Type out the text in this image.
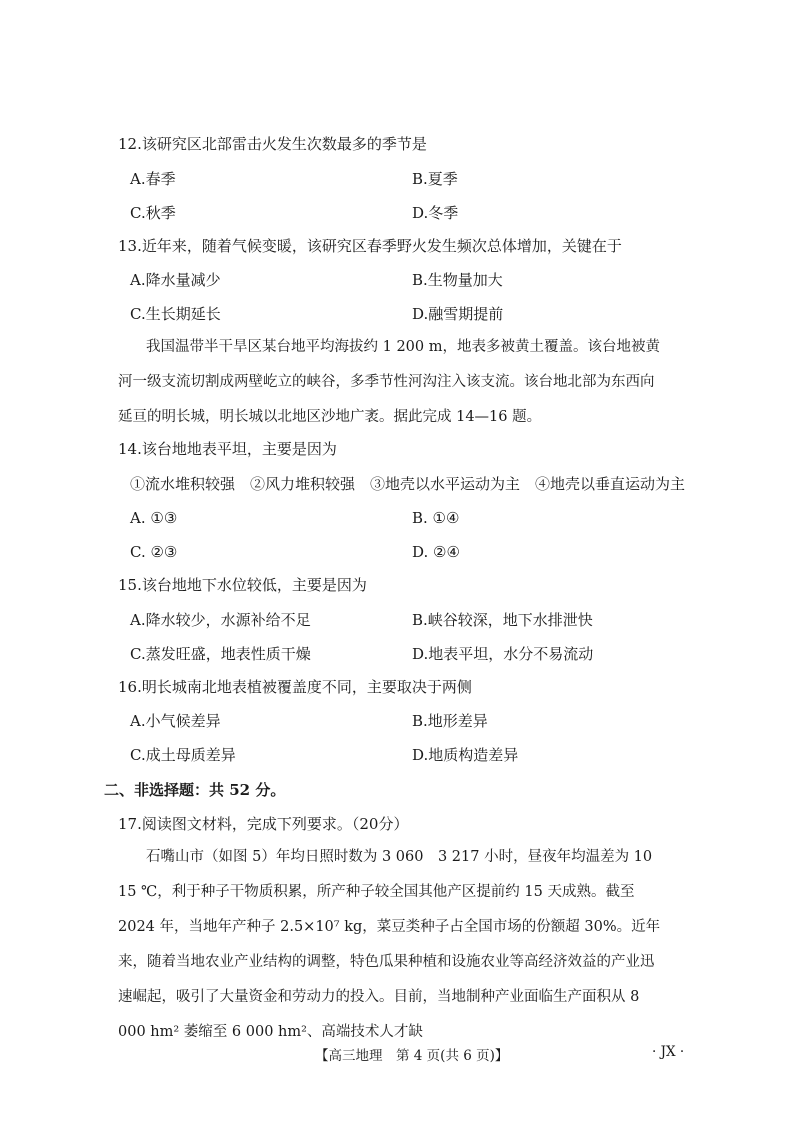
12.该研究区北部雷击火发生次数最多的季节是
A.春季	B.夏季
C.秋季	D.冬季
13.近年来，随着气候变暖，该研究区春季野火发生频次总体增加，关键在于
A.降水量减少	B.生物量加大
C.生长期延长	D.融雪期提前
我国温带半干旱区某台地平均海拔约 1 200 m，地表多被黄土覆盖。该台地被黄河一级支流切割成两壁屹立的峡谷，多季节性河沟注入该支流。该台地北部为东西向延亘的明长城，明长城以北地区沙地广袤。据此完成 14—16 题。
14.该台地地表平坦，主要是因为
①流水堆积较强　②风力堆积较强　③地壳以水平运动为主　④地壳以垂直运动为主
A. ①③	B. ①④
C. ②③	D. ②④
15.该台地地下水位较低，主要是因为
A.降水较少，水源补给不足	B.峡谷较深，地下水排泄快
C.蒸发旺盛，地表性质干燥	D.地表平坦，水分不易流动
16.明长城南北地表植被覆盖度不同，主要取决于两侧
A.小气候差异	B.地形差异
C.成土母质差异	D.地质构造差异
二、非选择题：共 52 分。
17.阅读图文材料，完成下列要求。（20分）
石嘴山市（如图 5）年均日照时数为 3 060　3 217 小时，昼夜年均温差为 10　15 ℃，利于种子干物质积累，所产种子较全国其他产区提前约 15 天成熟。截至 2024 年，当地年产种子 2.5×10⁷ kg，菜豆类种子占全国市场的份额超 30%。近年来，随着当地农业产业结构的调整，特色瓜果种植和设施农业等高经济效益的产业迅速崛起，吸引了大量资金和劳动力的投入。目前，当地制种产业面临生产面积从 8 000 hm² 萎缩至 6 000 hm²、高端技术人才缺
【高三地理　第 4 页(共 6 页)】	· JX ·
